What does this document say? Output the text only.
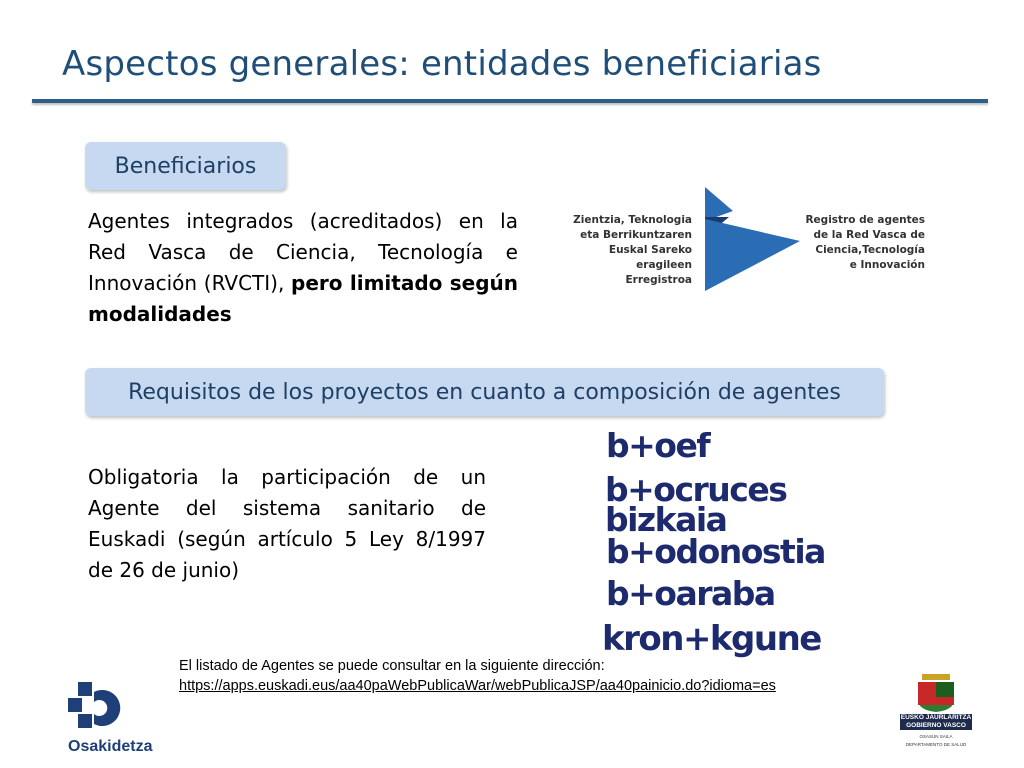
Aspectos generales: entidades beneficiarias
Beneficiarios
Agentes integrados (acreditados) en la Red Vasca de Ciencia, Tecnología e Innovación (RVCTI), pero limitado según modalidades
Zientzia, Teknologia
eta Berrikuntzaren
Euskal Sareko
eragileen Erregistroa
Registro de agentes
de la Red Vasca de
Ciencia,Tecnología
e Innovación
Requisitos de los proyectos en cuanto a composición de agentes
Obligatoria la participación de un Agente del sistema sanitario de Euskadi (según artículo 5 Ley 8/1997 de 26 de junio)
b+oef
b+ocruces
bizkaia
b+odonostia
b+oaraba
kron+kgune
El listado de Agentes se puede consultar en la siguiente dirección:
https://apps.euskadi.eus/aa40paWebPublicaWar/webPublicaJSP/aa40painicio.do?idioma=es
Osakidetza
EUSKO JAURLARITZA
GOBIERNO VASCO
OSASUN SAILA
DEPARTAMENTO DE SALUD
